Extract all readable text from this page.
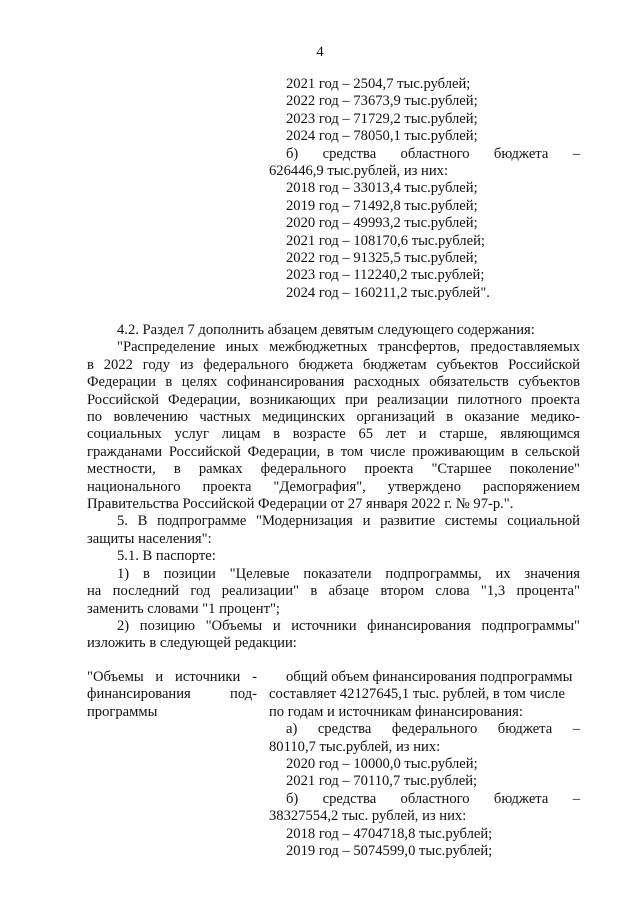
4
2021 год – 2504,7 тыс.рублей;
2022 год – 73673,9 тыс.рублей;
2023 год – 71729,2 тыс.рублей;
2024 год – 78050,1 тыс.рублей;
б) средства областного бюджета –
626446,9 тыс.рублей, из них:
2018 год – 33013,4 тыс.рублей;
2019 год – 71492,8 тыс.рублей;
2020 год – 49993,2 тыс.рублей;
2021 год – 108170,6 тыс.рублей;
2022 год – 91325,5 тыс.рублей;
2023 год – 112240,2 тыс.рублей;
2024 год – 160211,2 тыс.рублей".
4.2. Раздел 7 дополнить абзацем девятым следующего содержания:
"Распределение иных межбюджетных трансфертов, предоставляемых
в 2022 году из федерального бюджета бюджетам субъектов Российской
Федерации в целях софинансирования расходных обязательств субъектов
Российской Федерации, возникающих при реализации пилотного проекта
по вовлечению частных медицинских организаций в оказание медико-
социальных услуг лицам в возрасте 65 лет и старше, являющимся
гражданами Российской Федерации, в том числе проживающим в сельской
местности, в рамках федерального проекта "Старшее поколение"
национального проекта "Демография", утверждено распоряжением
Правительства Российской Федерации от 27 января 2022 г. № 97-р.".
5. В подпрограмме "Модернизация и развитие системы социальной
защиты населения":
5.1. В паспорте:
1) в позиции "Целевые показатели подпрограммы, их значения
на последний год реализации" в абзаце втором слова "1,3 процента"
заменить словами "1 процент";
2) позицию "Объемы и источники финансирования подпрограммы"
изложить в следующей редакции:
"Объемы и источники -
финансирования под-
программы
общий объем финансирования подпрограммы
составляет 42127645,1 тыс. рублей, в том числе
по годам и источникам финансирования:
а) средства федерального бюджета –
80110,7 тыс.рублей, из них:
2020 год – 10000,0 тыс.рублей;
2021 год – 70110,7 тыс.рублей;
б) средства областного бюджета –
38327554,2 тыс. рублей, из них:
2018 год – 4704718,8 тыс.рублей;
2019 год – 5074599,0 тыс.рублей;
